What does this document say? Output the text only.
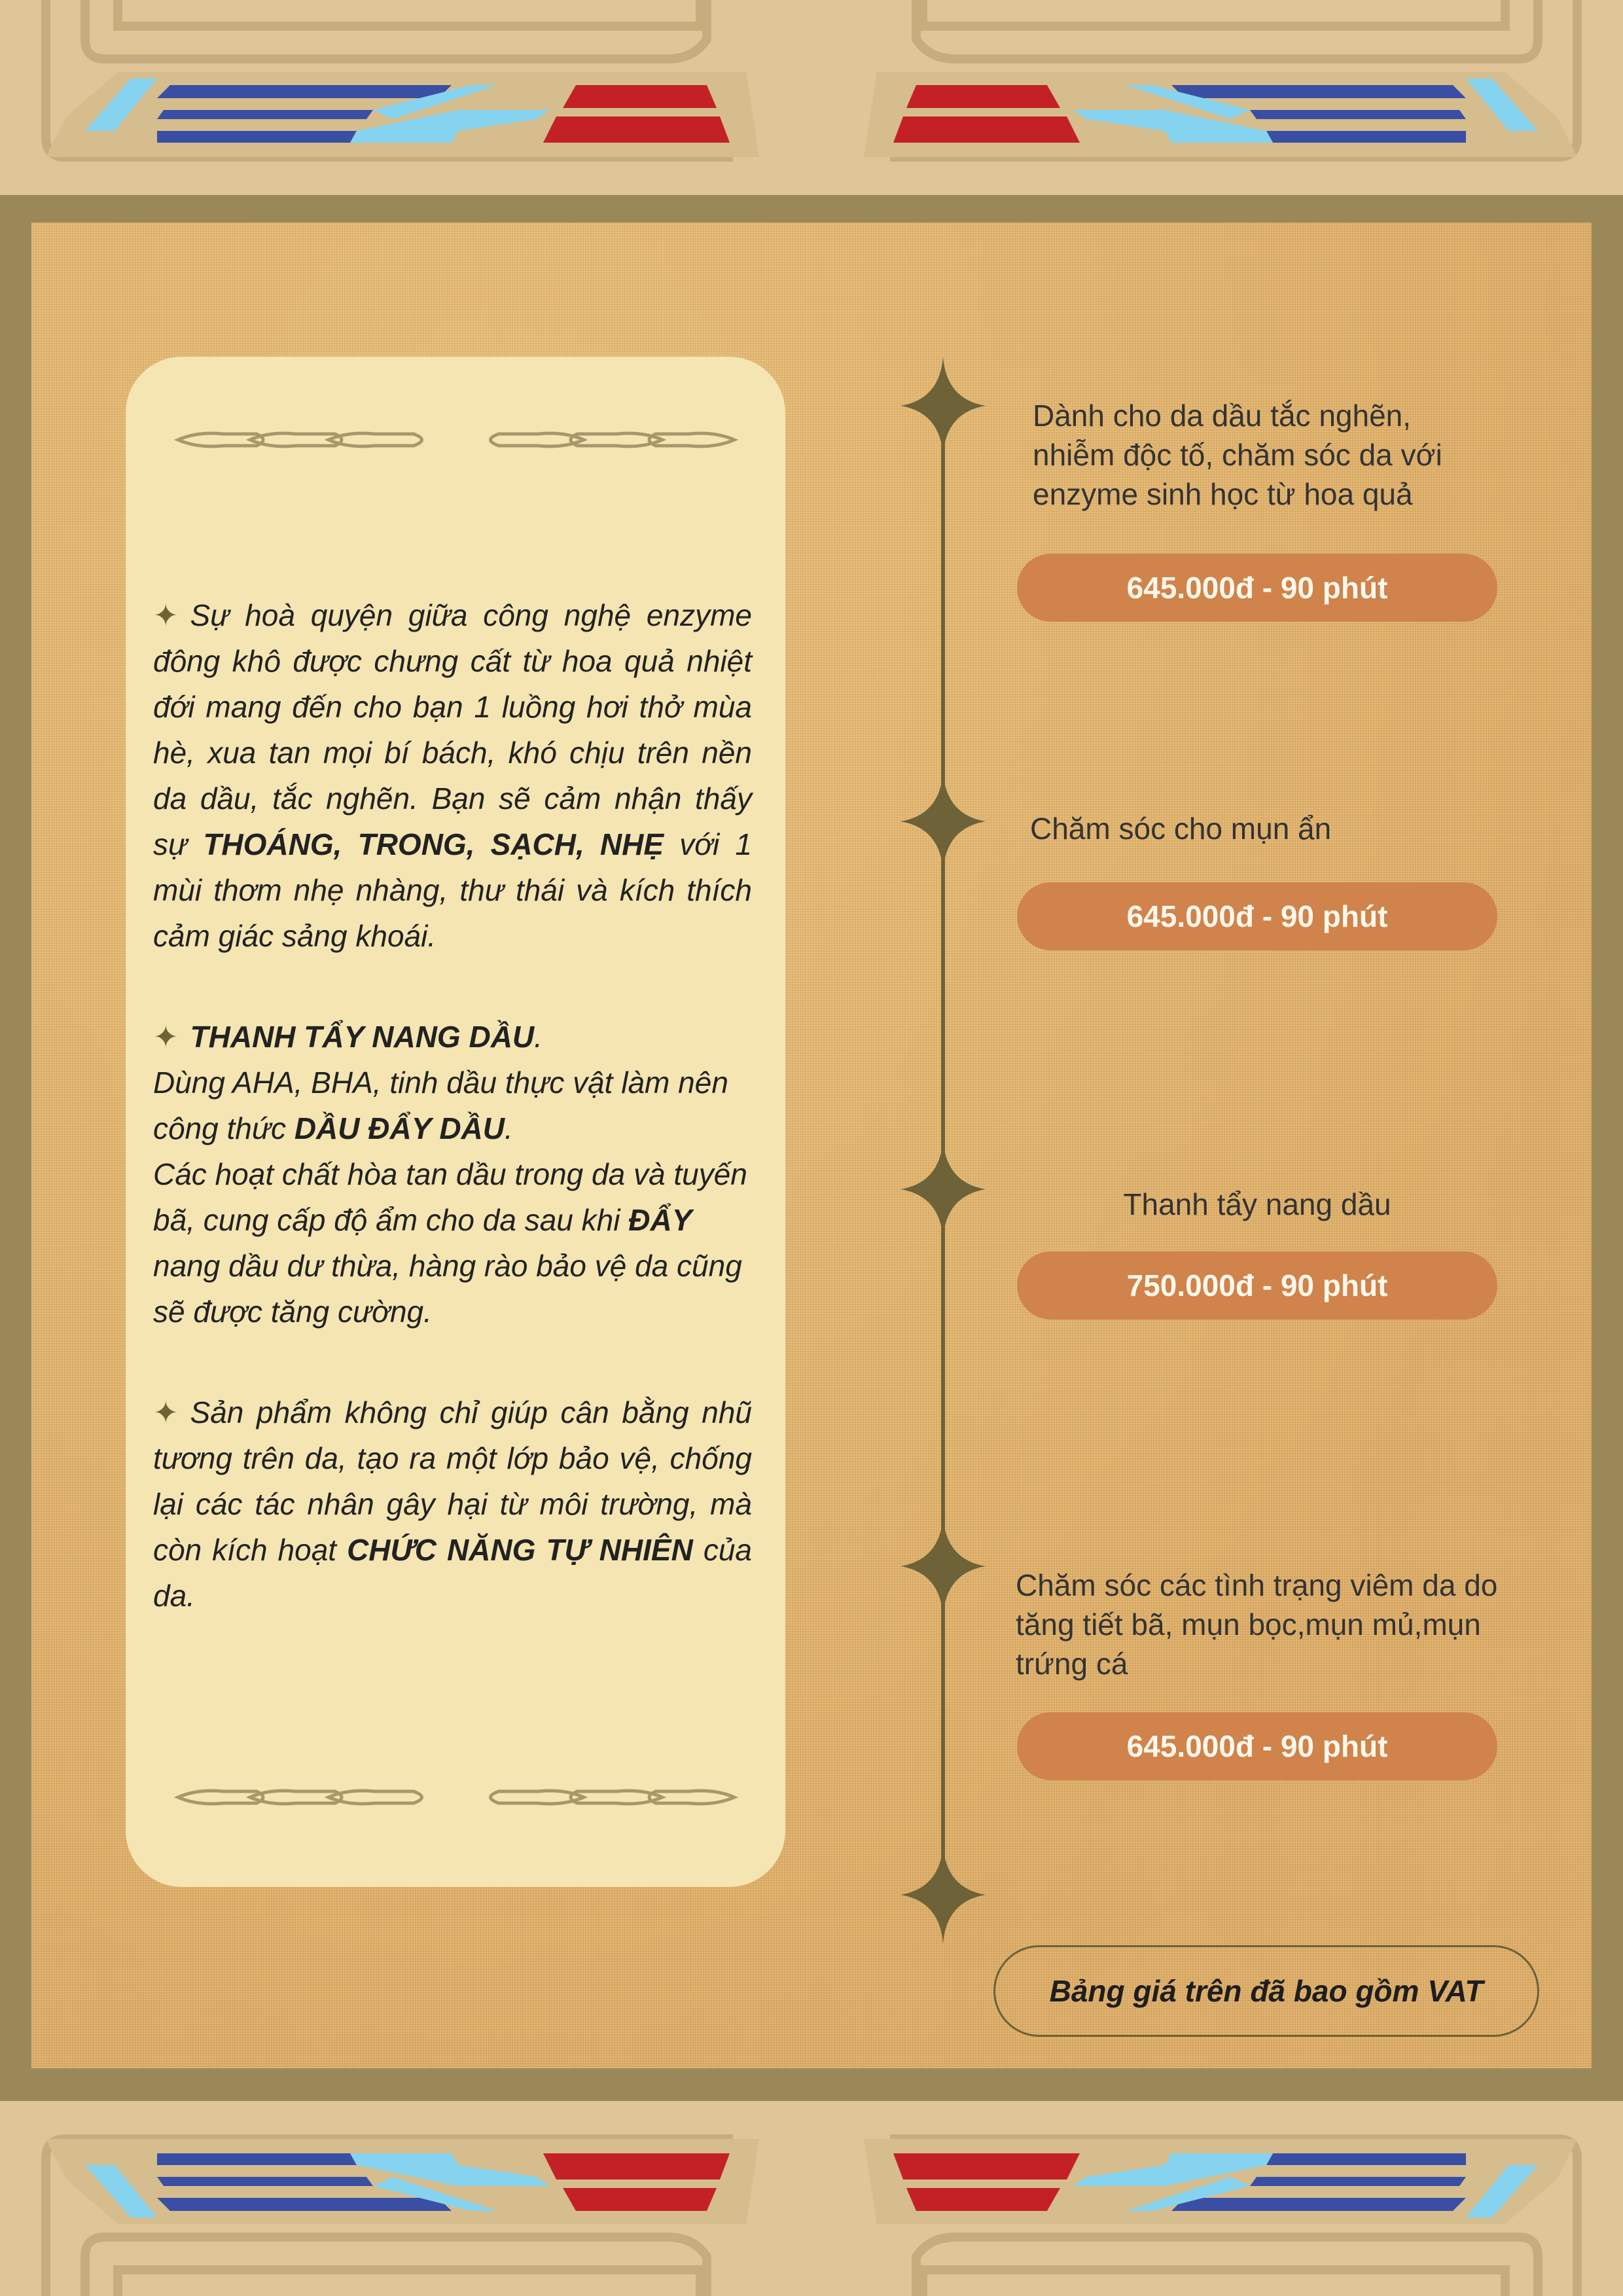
✦ Sự hoà quyện giữa công nghệ enzyme đông khô được chưng cất từ hoa quả nhiệt đới mang đến cho bạn 1 luồng hơi thở mùa hè, xua tan mọi bí bách, khó chịu trên nền da dầu, tắc nghẽn. Bạn sẽ cảm nhận thấy sự THOÁNG, TRONG, SẠCH, NHẸ với 1 mùi thơm nhẹ nhàng, thư thái và kích thích cảm giác sảng khoái.

✦ THANH TẨY NANG DẦU.

Dùng AHA, BHA, tinh dầu thực vật làm nên công thức DẦU ĐẨY DẦU.

Các hoạt chất hòa tan dầu trong da và tuyến bã, cung cấp độ ẩm cho da sau khi ĐẨY nang dầu dư thừa, hàng rào bảo vệ da cũng sẽ được tăng cường.

✦ Sản phẩm không chỉ giúp cân bằng nhũ tương trên da, tạo ra một lớp bảo vệ, chống lại các tác nhân gây hại từ môi trường, mà còn kích hoạt CHỨC NĂNG TỰ NHIÊN của da.

Dành cho da dầu tắc nghẽn, nhiễm độc tố, chăm sóc da với enzyme sinh học từ hoa quả
645.000đ - 90 phút
Chăm sóc cho mụn ẩn
645.000đ - 90 phút
Thanh tẩy nang dầu
750.000đ - 90 phút
Chăm sóc các tình trạng viêm da do tăng tiết bã, mụn bọc,mụn mủ,mụn trứng cá
645.000đ - 90 phút
Bảng giá trên đã bao gồm VAT
